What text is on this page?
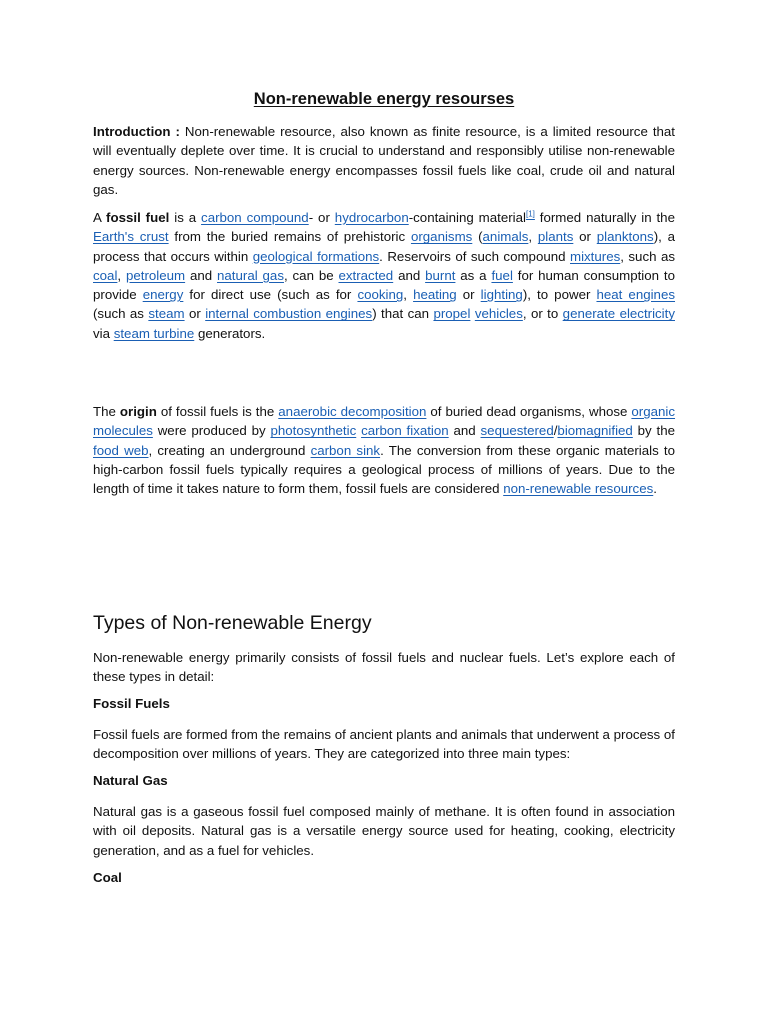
Non-renewable energy resourses

Introduction : Non-renewable resource, also known as finite resource, is a limited resource that will eventually deplete over time. It is crucial to understand and responsibly utilise non-renewable energy sources. Non-renewable energy encompasses fossil fuels like coal, crude oil and natural gas.

A fossil fuel is a carbon compound- or hydrocarbon-containing material[1] formed naturally in the Earth's crust from the buried remains of prehistoric organisms (animals, plants or planktons), a process that occurs within geological formations. Reservoirs of such compound mixtures, such as coal, petroleum and natural gas, can be extracted and burnt as a fuel for human consumption to provide energy for direct use (such as for cooking, heating or lighting), to power heat engines (such as steam or internal combustion engines) that can propel vehicles, or to generate electricity via steam turbine generators.

The origin of fossil fuels is the anaerobic decomposition of buried dead organisms, whose organic molecules were produced by photosynthetic carbon fixation and sequestered/biomagnified by the food web, creating an underground carbon sink. The conversion from these organic materials to high-carbon fossil fuels typically requires a geological process of millions of years. Due to the length of time it takes nature to form them, fossil fuels are considered non-renewable resources.

Types of Non-renewable Energy

Non-renewable energy primarily consists of fossil fuels and nuclear fuels. Let’s explore each of these types in detail:

Fossil Fuels

Fossil fuels are formed from the remains of ancient plants and animals that underwent a process of decomposition over millions of years. They are categorized into three main types:

Natural Gas

Natural gas is a gaseous fossil fuel composed mainly of methane. It is often found in association with oil deposits. Natural gas is a versatile energy source used for heating, cooking, electricity generation, and as a fuel for vehicles.

Coal
